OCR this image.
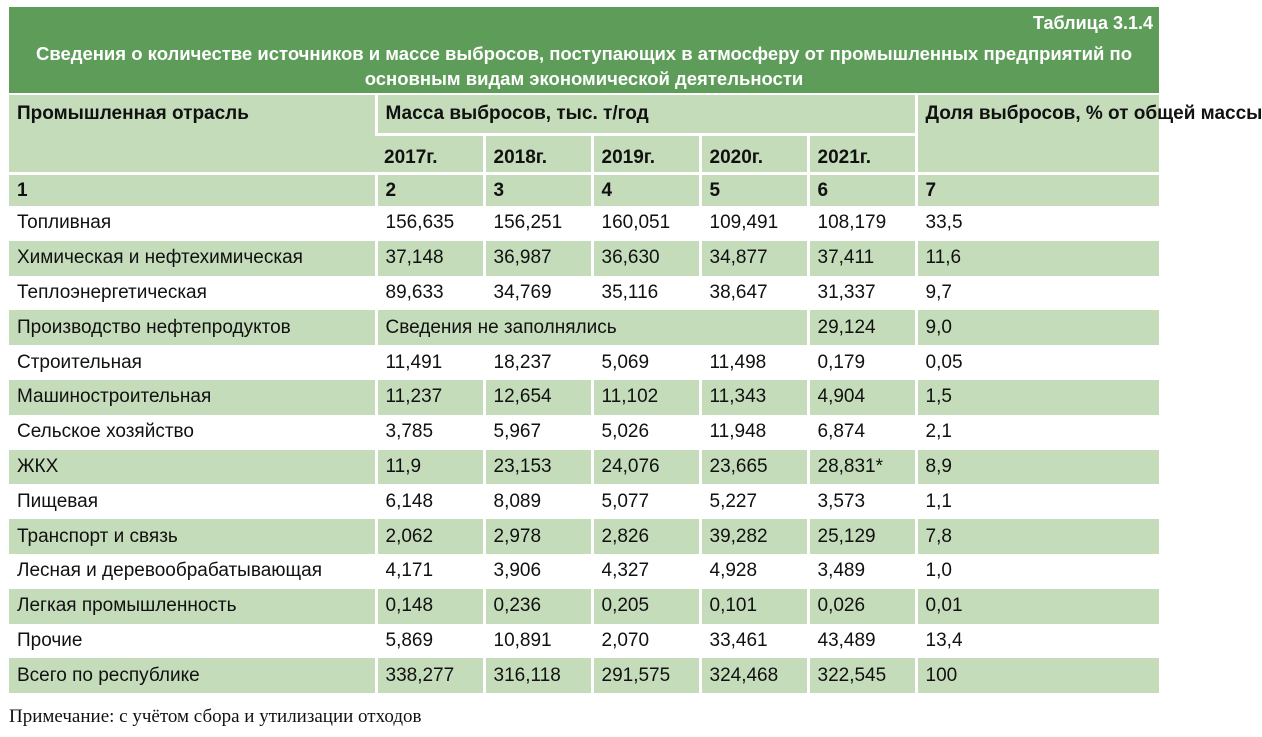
Таблица 3.1.4
Сведения о количестве источников и массе выбросов, поступающих в атмосферу от промышленных предприятий по основным видам экономической деятельности
Промышленная отрасль	Масса выбросов, тыс. т/год					Доля выбросов, % от общей массы
	2017г.	2018г.	2019г.	2020г.	2021г.	
1	2	3	4	5	6	7
Топливная	156,635	156,251	160,051	109,491	108,179	33,5
Химическая и нефтехимическая	37,148	36,987	36,630	34,877	37,411	11,6
Теплоэнергетическая	89,633	34,769	35,116	38,647	31,337	9,7
Производство нефтепродуктов	Сведения не заполнялись				29,124	9,0
Строительная	11,491	18,237	5,069	11,498	0,179	0,05
Машиностроительная	11,237	12,654	11,102	11,343	4,904	1,5
Сельское хозяйство	3,785	5,967	5,026	11,948	6,874	2,1
ЖКХ	11,9	23,153	24,076	23,665	28,831*	8,9
Пищевая	6,148	8,089	5,077	5,227	3,573	1,1
Транспорт и связь	2,062	2,978	2,826	39,282	25,129	7,8
Лесная и деревообрабатывающая	4,171	3,906	4,327	4,928	3,489	1,0
Легкая промышленность	0,148	0,236	0,205	0,101	0,026	0,01
Прочие	5,869	10,891	2,070	33,461	43,489	13,4
Всего по республике	338,277	316,118	291,575	324,468	322,545	100
Примечание: с учётом сбора и утилизации отходов
